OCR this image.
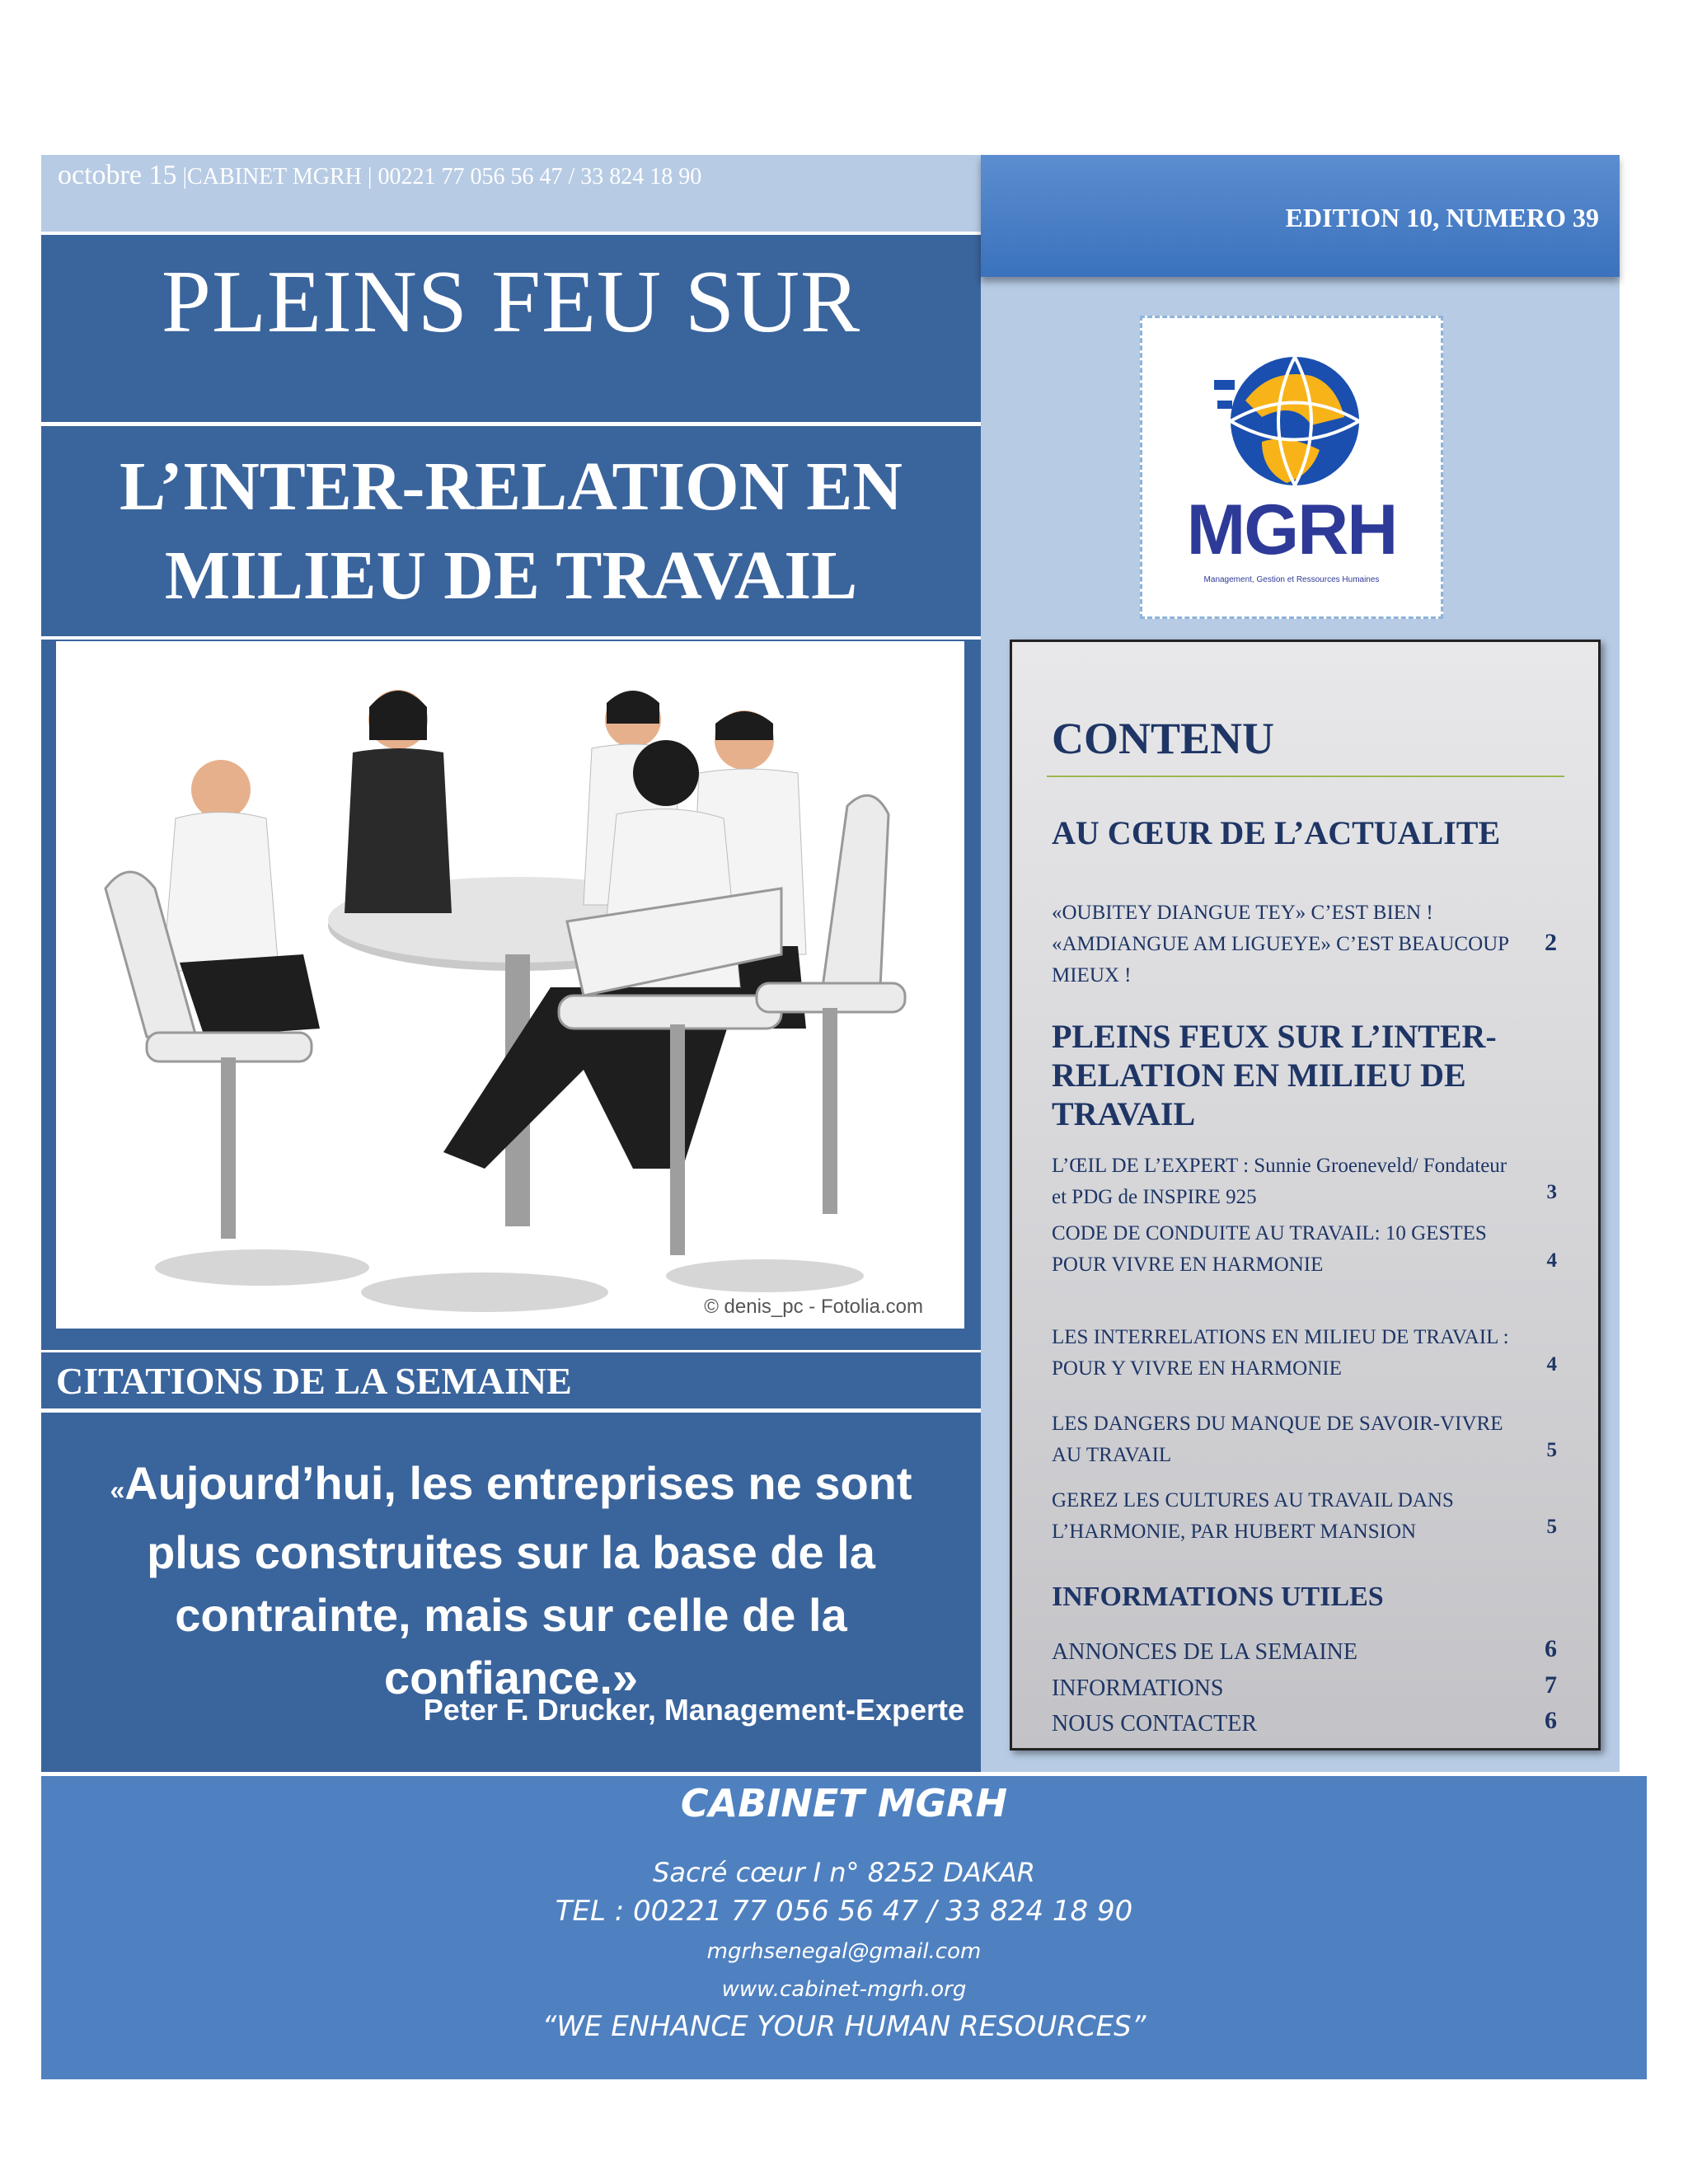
octobre 15 |CABINET MGRH | 00221 77 056 56 47 / 33 824 18 90
PLEINS FEU SUR
L’INTER-RELATION EN
MILIEU DE TRAVAIL
© denis_pc - Fotolia.com
CITATIONS DE LA SEMAINE
«Aujourd’hui, les entreprises ne sont plus construites sur la base de la contrainte, mais sur celle de la confiance.»
Peter F. Drucker, Management-Experte
EDITION 10, NUMERO 39
MGRH
Management, Gestion et Ressources Humaines
CONTENU
AU CŒUR DE L’ACTUALITE
«OUBITEY DIANGUE TEY» C’EST BIEN ! «AMDIANGUE AM LIGUEYE» C’EST BEAUCOUP MIEUX !
2
PLEINS FEUX SUR L’INTER-
RELATION EN MILIEU DE
TRAVAIL
L’ŒIL DE L’EXPERT : Sunnie Groeneveld/ Fondateur et PDG de INSPIRE 925	3
CODE DE CONDUITE AU TRAVAIL: 10 GESTES POUR VIVRE EN HARMONIE	4
LES INTERRELATIONS EN MILIEU DE TRAVAIL : POUR Y VIVRE EN HARMONIE	4
LES DANGERS DU MANQUE DE SAVOIR-VIVRE AU TRAVAIL	5
GEREZ LES CULTURES AU TRAVAIL DANS L’HARMONIE, PAR HUBERT MANSION	5
INFORMATIONS UTILES
ANNONCES DE LA SEMAINE	6
INFORMATIONS	7
NOUS CONTACTER	6
CABINET MGRH
Sacré cœur I n° 8252 DAKAR
TEL : 00221 77 056 56 47 / 33 824 18 90
mgrhsenegal@gmail.com
www.cabinet-mgrh.org
“WE ENHANCE YOUR HUMAN RESOURCES”
